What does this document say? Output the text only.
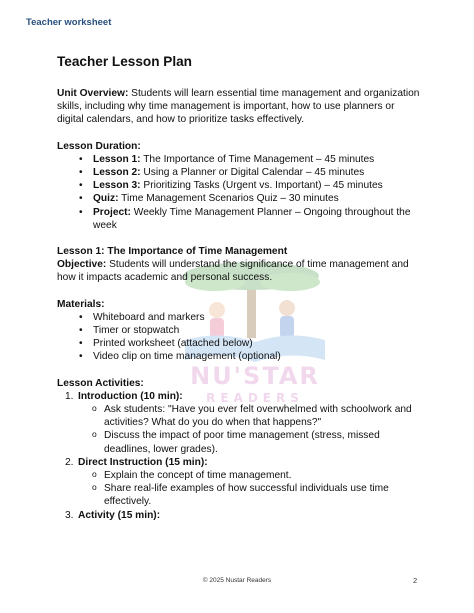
Teacher worksheet
NU'STAR
READERS
Teacher Lesson Plan

Unit Overview: Students will learn essential time management and organization skills, including why time management is important, how to use planners or digital calendars, and how to prioritize tasks effectively.

Lesson Duration:

• Lesson 1: The Importance of Time Management – 45 minutes
• Lesson 2: Using a Planner or Digital Calendar – 45 minutes
• Lesson 3: Prioritizing Tasks (Urgent vs. Important) – 45 minutes
• Quiz: Time Management Scenarios Quiz – 30 minutes
• Project: Weekly Time Management Planner – Ongoing throughout the week

Lesson 1: The Importance of Time Management

Objective: Students will understand the significance of time management and how it impacts academic and personal success.

Materials:

• Whiteboard and markers
• Timer or stopwatch
• Printed worksheet (attached below)
• Video clip on time management (optional)

Lesson Activities:

1. Introduction (10 min):
o Ask students: "Have you ever felt overwhelmed with schoolwork and activities? What do you do when that happens?"
o Discuss the impact of poor time management (stress, missed deadlines, lower grades).
2. Direct Instruction (15 min):
o Explain the concept of time management.
o Share real-life examples of how successful individuals use time effectively.
3. Activity (15 min):
© 2025 Nustar Readers	2
